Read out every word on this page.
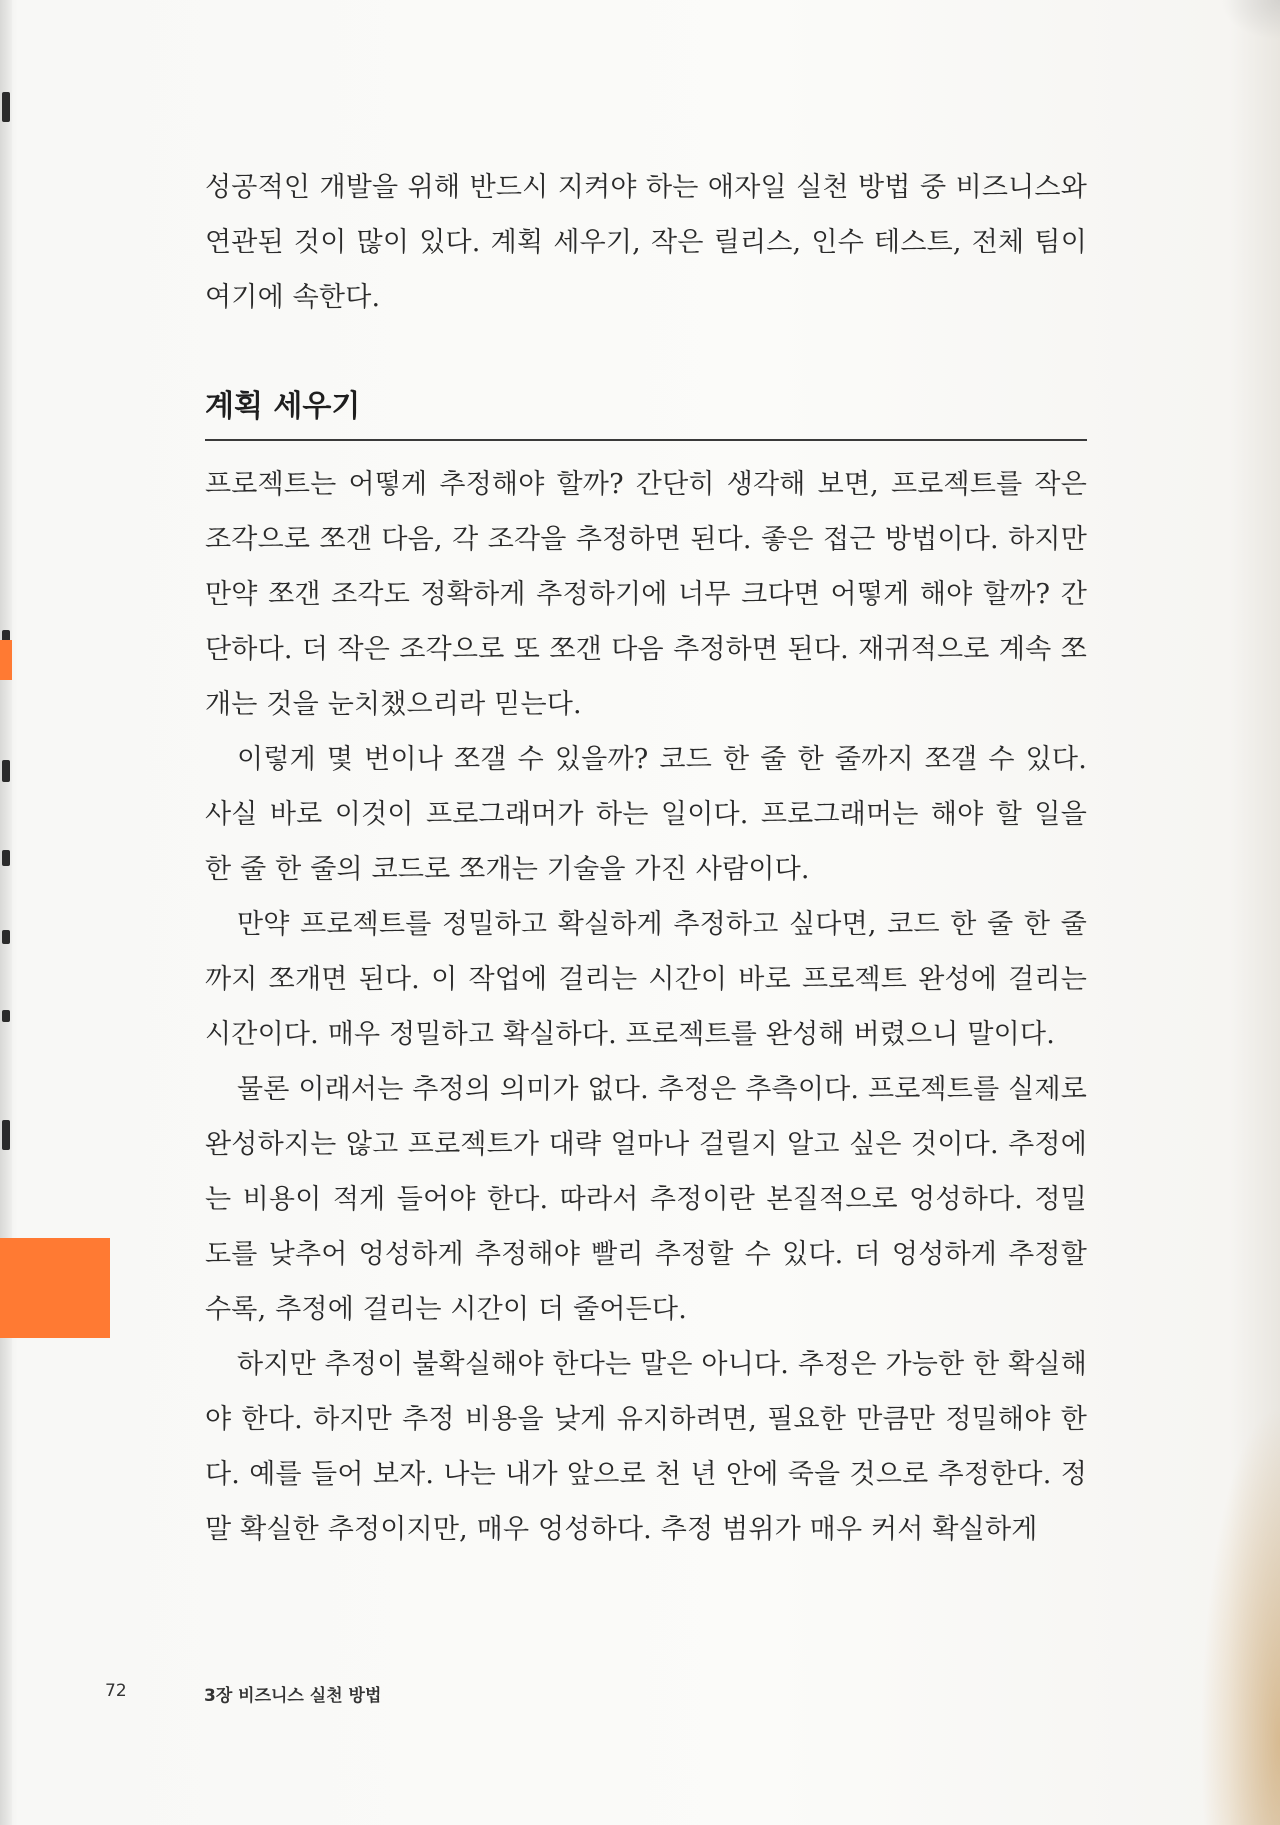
성공적인 개발을 위해 반드시 지켜야 하는 애자일 실천 방법 중 비즈니스와 연관된 것이 많이 있다. 계획 세우기, 작은 릴리스, 인수 테스트, 전체 팀이 여기에 속한다.

계획 세우기

프로젝트는 어떻게 추정해야 할까? 간단히 생각해 보면, 프로젝트를 작은 조각으로 쪼갠 다음, 각 조각을 추정하면 된다. 좋은 접근 방법이다. 하지만 만약 쪼갠 조각도 정확하게 추정하기에 너무 크다면 어떻게 해야 할까? 간단하다. 더 작은 조각으로 또 쪼갠 다음 추정하면 된다. 재귀적으로 계속 쪼개는 것을 눈치챘으리라 믿는다.

이렇게 몇 번이나 쪼갤 수 있을까? 코드 한 줄 한 줄까지 쪼갤 수 있다. 사실 바로 이것이 프로그래머가 하는 일이다. 프로그래머는 해야 할 일을 한 줄 한 줄의 코드로 쪼개는 기술을 가진 사람이다.

만약 프로젝트를 정밀하고 확실하게 추정하고 싶다면, 코드 한 줄 한 줄까지 쪼개면 된다. 이 작업에 걸리는 시간이 바로 프로젝트 완성에 걸리는 시간이다. 매우 정밀하고 확실하다. 프로젝트를 완성해 버렸으니 말이다.

물론 이래서는 추정의 의미가 없다. 추정은 추측이다. 프로젝트를 실제로 완성하지는 않고 프로젝트가 대략 얼마나 걸릴지 알고 싶은 것이다. 추정에는 비용이 적게 들어야 한다. 따라서 추정이란 본질적으로 엉성하다. 정밀도를 낮추어 엉성하게 추정해야 빨리 추정할 수 있다. 더 엉성하게 추정할수록, 추정에 걸리는 시간이 더 줄어든다.

하지만 추정이 불확실해야 한다는 말은 아니다. 추정은 가능한 한 확실해야 한다. 하지만 추정 비용을 낮게 유지하려면, 필요한 만큼만 정밀해야 한다. 예를 들어 보자. 나는 내가 앞으로 천 년 안에 죽을 것으로 추정한다. 정말 확실한 추정이지만, 매우 엉성하다. 추정 범위가 매우 커서 확실하게

72	3장 비즈니스 실천 방법
